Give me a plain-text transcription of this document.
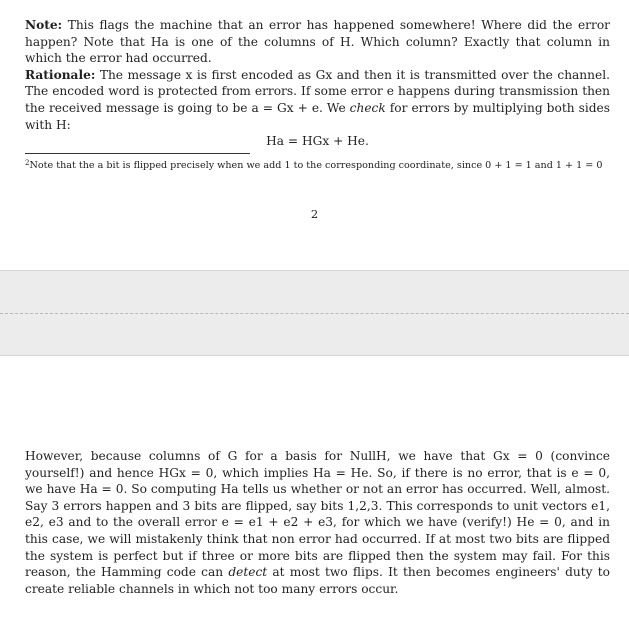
Note: This flags the machine that an error has happened somewhere! Where did the error happen? Note that Ha is one of the columns of H. Which column? Exactly that column in which the error had occurred.

Rationale: The message x is first encoded as Gx and then it is transmitted over the channel. The encoded word is protected from errors. If some error e happens during transmission then the received message is going to be a = Gx + e. We check for errors by multiplying both sides with H:

Ha = HGx + He.

$^2$Note that the a bit is flipped precisely when we add 1 to the corresponding coordinate, since 0 + 1 = 1 and 1 + 1 = 0
2

However, because columns of G for a basis for NullH, we have that Gx = 0 (convince yourself!) and hence HGx = 0, which implies Ha = He. So, if there is no error, that is e = 0, we have Ha = 0. So computing Ha tells us whether or not an error has occurred. Well, almost. Say 3 errors happen and 3 bits are flipped, say bits 1,2,3. This corresponds to unit vectors e1, e2, e3 and to the overall error e = e1 + e2 + e3, for which we have (verify!) He = 0, and in this case, we will mistakenly think that non error had occurred. If at most two bits are flipped the system is perfect but if three or more bits are flipped then the system may fail. For this reason, the Hamming code can detect at most two flips. It then becomes engineers' duty to create reliable channels in which not too many errors occur.
